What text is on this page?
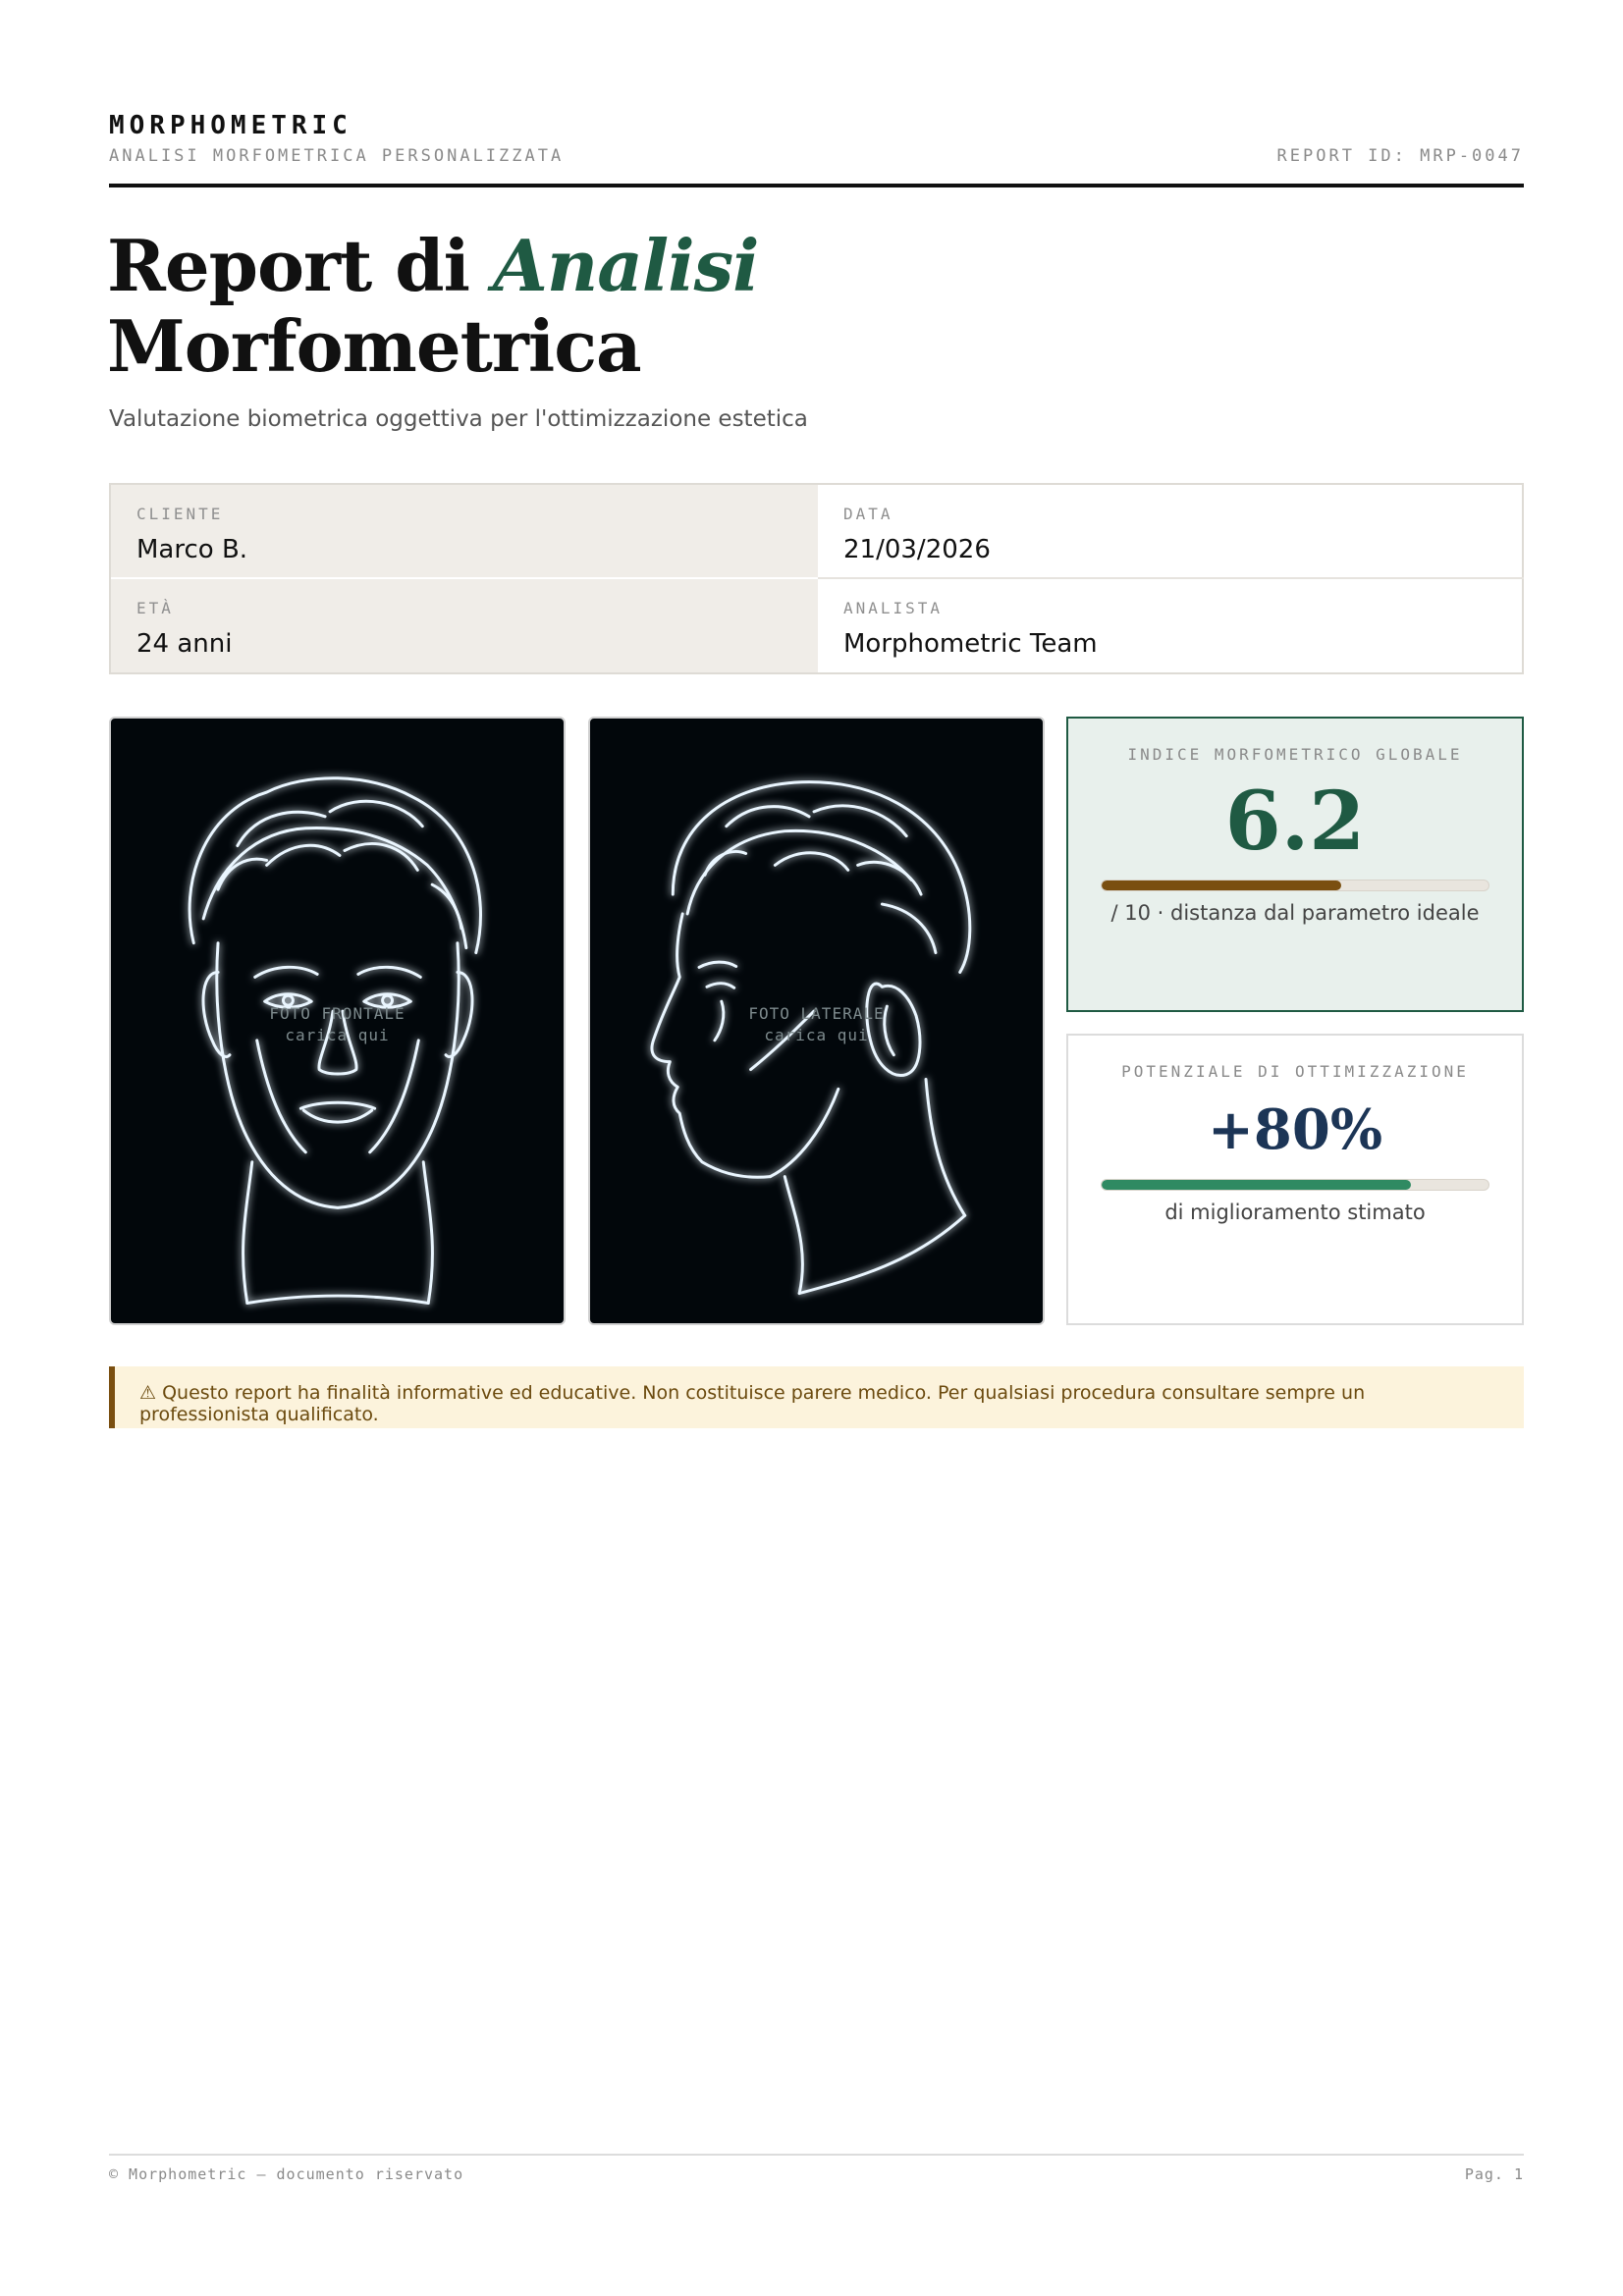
MORPHOMETRIC
ANALISI MORFOMETRICA PERSONALIZZATA	REPORT ID: MRP-0047
Report di Analisi
Morfometrica
Valutazione biometrica oggettiva per l'ottimizzazione estetica
CLIENTE
Marco B.
DATA
21/03/2026
ETÀ
24 anni
ANALISTA
Morphometric Team
FOTO FRONTALE
carica qui
FOTO LATERALE
carica qui
INDICE MORFOMETRICO GLOBALE
6.2
/ 10 · distanza dal parametro ideale
POTENZIALE DI OTTIMIZZAZIONE
+80%
di miglioramento stimato
⚠ Questo report ha finalità informative ed educative. Non costituisce parere medico. Per qualsiasi procedura consultare sempre un professionista qualificato.
© Morphometric — documento riservato	Pag. 1
